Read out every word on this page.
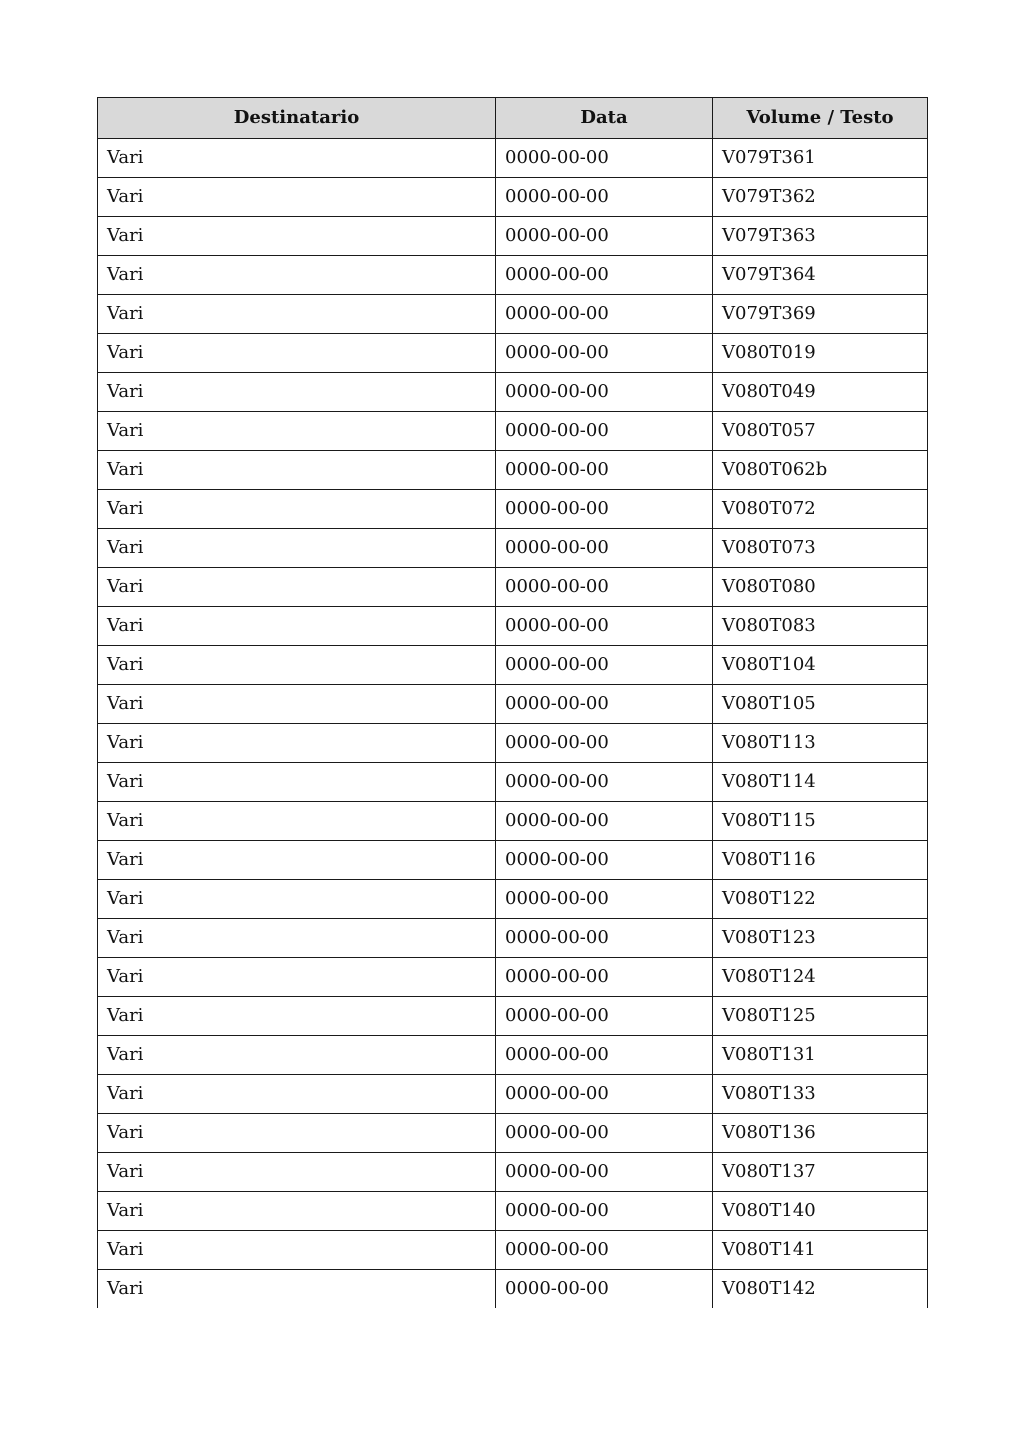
Destinatario	Data	Volume / Testo
Vari	0000-00-00	V079T361
Vari	0000-00-00	V079T362
Vari	0000-00-00	V079T363
Vari	0000-00-00	V079T364
Vari	0000-00-00	V079T369
Vari	0000-00-00	V080T019
Vari	0000-00-00	V080T049
Vari	0000-00-00	V080T057
Vari	0000-00-00	V080T062b
Vari	0000-00-00	V080T072
Vari	0000-00-00	V080T073
Vari	0000-00-00	V080T080
Vari	0000-00-00	V080T083
Vari	0000-00-00	V080T104
Vari	0000-00-00	V080T105
Vari	0000-00-00	V080T113
Vari	0000-00-00	V080T114
Vari	0000-00-00	V080T115
Vari	0000-00-00	V080T116
Vari	0000-00-00	V080T122
Vari	0000-00-00	V080T123
Vari	0000-00-00	V080T124
Vari	0000-00-00	V080T125
Vari	0000-00-00	V080T131
Vari	0000-00-00	V080T133
Vari	0000-00-00	V080T136
Vari	0000-00-00	V080T137
Vari	0000-00-00	V080T140
Vari	0000-00-00	V080T141
Vari	0000-00-00	V080T142
